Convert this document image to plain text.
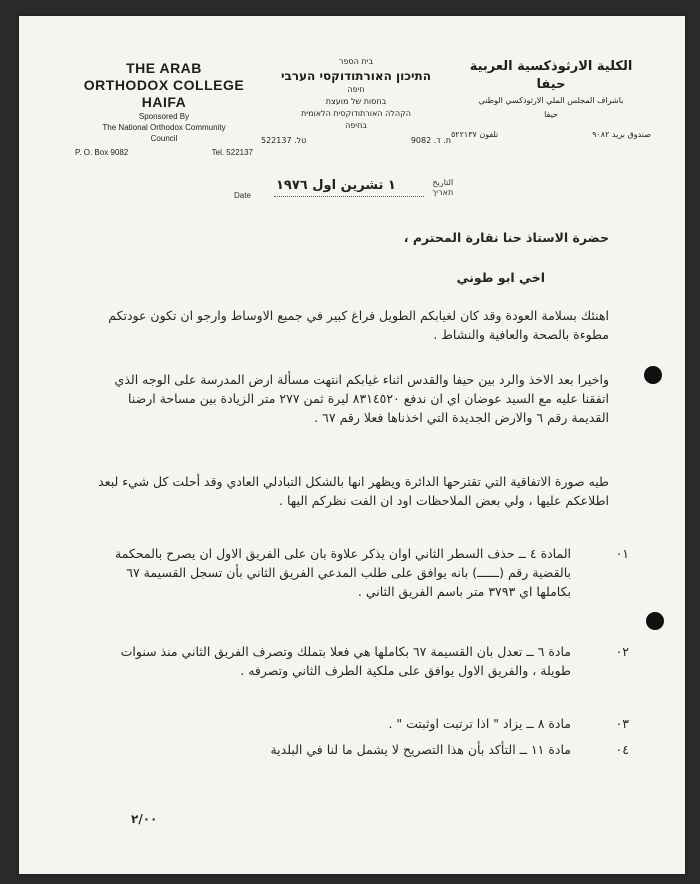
THE ARAB
ORTHODOX COLLEGE
HAIFA
Sponsored By
The National Orthodox Community
Council
P. O. Box 9082	Tel. 522137
בית הספר
התיכון האורתודוקסי הערבי
חיפה
בחסות של מועצת
הקהלה האורתודוקסית הלאומית
בחיפה
ת. ד. 9082
טל. 522137
الكلية الارثوذكسية العربية
حيفا
باشراف المجلس الملي الارثوذكسي الوطني
حيفا
صندوق بريد ٩٠٨٢
تلفون ٥٢٢١٣٧
Date
١ تشرين اول ١٩٧٦	التاريخ
תאריך
حضرة الاستاذ حنا نقارة المحترم ،
اخي ابو طوني
اهنئك بسلامة العودة وقد كان لغيابكم الطويل فراغ كبير في جميع الاوساط وارجو ان تكون عودتكم مطوءة بالصحة والعافية والنشاط .
واخيرا بعد الاخذ والرد بين حيفا والقدس اثناء غيابكم انتهت مسألة ارض المدرسة على الوجه الذي اتفقنا عليه مع السيد عوضان اي ان ندفع ٨٣١٤٥٢٠ ليرة ثمن ٢٧٧ متر الزيادة بين مساحة ارضنا القديمة رقم ٦ والارض الجديدة التي اخذناها فعلا رقم ٦٧ .
طيه صورة الاتفاقية التي تقترحها الدائرة ويظهر انها بالشكل التبادلي العادي وقد أحلت كل شيء لبعد اطلاعكم عليها ، ولي بعض الملاحظات اود ان الفت نظركم اليها .
٠١
المادة ٤ ــ حذف السطر الثاني اوان يذكر علاوة بان على الفريق الاول ان يصرح بالمحكمة بالقضية رقم (ــــــ) بانه يوافق على طلب المدعي الفريق الثاني بأن تسجل القسيمة ٦٧ بكاملها اي ٣٧٩٣ متر باسم الفريق الثاني .
٠٢
مادة ٦ ــ تعدل بان القسيمة ٦٧ بكاملها هي فعلا بتملك وتصرف الفريق الثاني منذ سنوات طويلة ، والفريق الاول يوافق على ملكية الطرف الثاني وتصرفه .
٠٣
مادة ٨ ــ يزاد " اذا ترتبت اوثبتت " .
٠٤
مادة ١١ ــ التأكد بأن هذا التصريح لا يشمل ما لنا في البلدية
٢/٠٠
